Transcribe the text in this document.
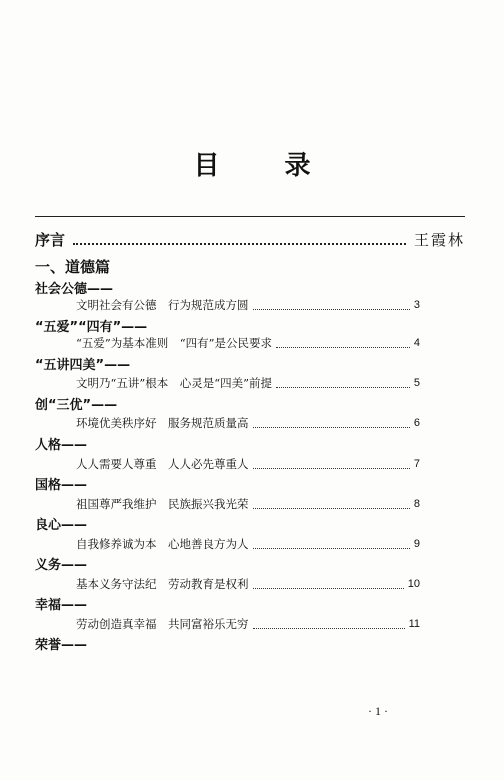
目 录
序言	王霞林
一、道德篇
社会公德——
文明社会有公德　行为规范成方圆	3
“五爱”“四有”——
“五爱”为基本准则　“四有”是公民要求	4
“五讲四美”——
文明乃“五讲”根本　心灵是“四美”前提	5
创“三优”——
环境优美秩序好　服务规范质量高	6
人格——
人人需要人尊重　人人必先尊重人	7
国格——
祖国尊严我维护　民族振兴我光荣	8
良心——
自我修养诚为本　心地善良方为人	9
义务——
基本义务守法纪　劳动教育是权利	10
幸福——
劳动创造真幸福　共同富裕乐无穷	11
荣誉——
· 1 ·
